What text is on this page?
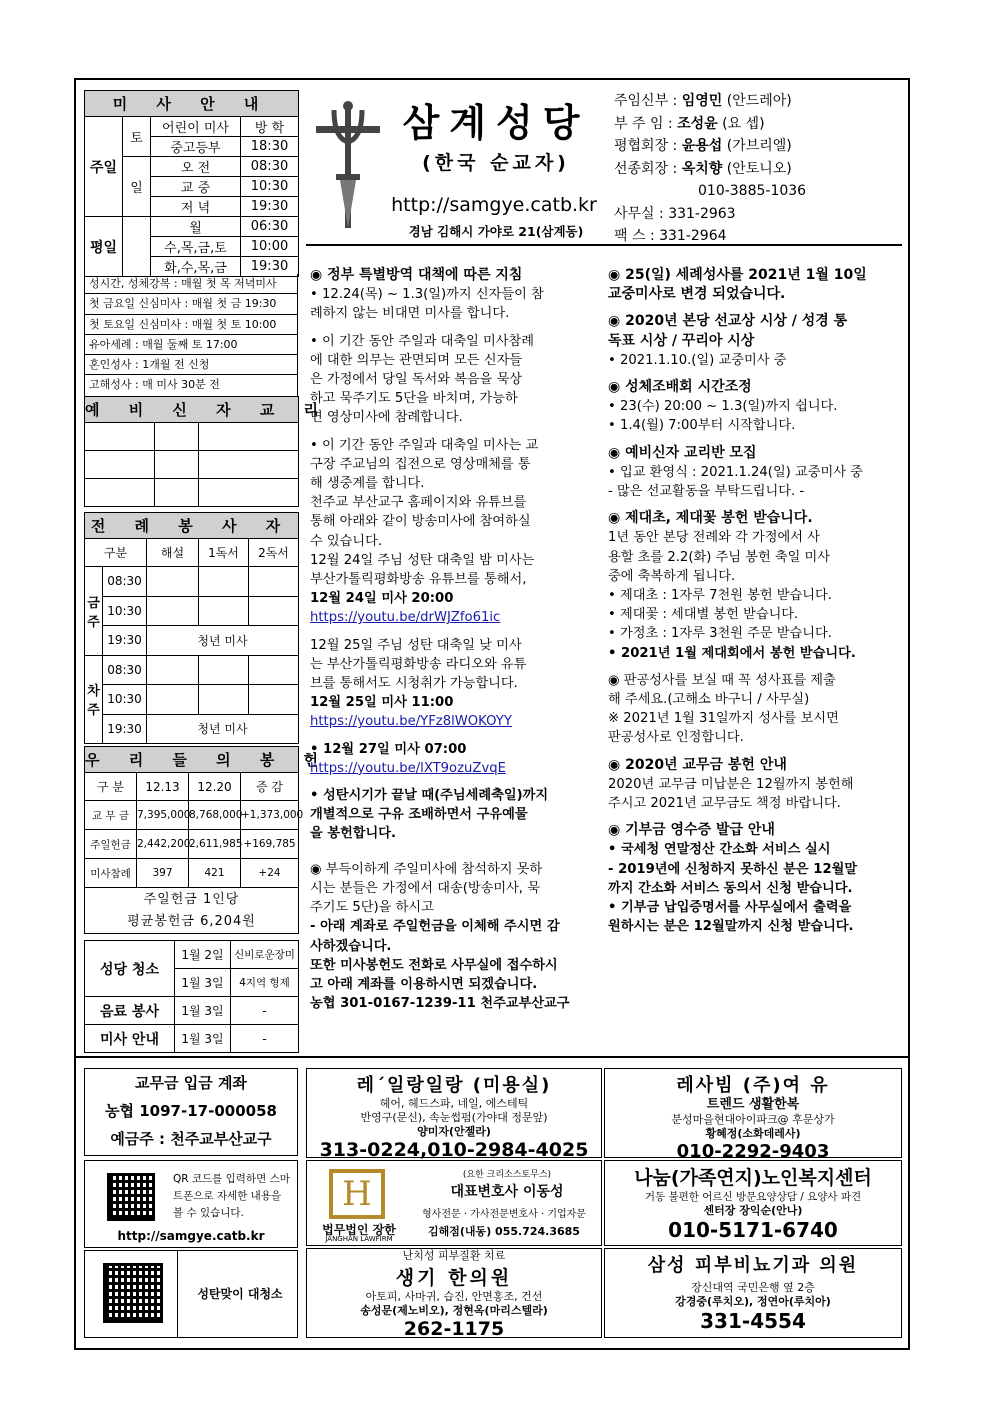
삼계성당
(한국 순교자)
http://samgye.catb.kr
경남 김해시 가야로 21(삼계동)
주임신부 : 임영민 (안드레아)
부 주 임 : 조성윤 (요 셉)
평협회장 : 윤용섭 (가브리엘)
선종회장 : 옥치향 (안토니오)
010-3885-1036
사무실 : 331-2963
팩 스 : 331-2964
미 사 안 내			
주일	토	어린이 미사	방 학
		중고등부	18:30
	일	오 전	08:30
		교 중	10:30
		저 녁	19:30
평일		월	06:30
		수,목,금,토	10:00
		화,수,목,금	19:30
성시간, 성체강복 : 매월 첫 목 저녁미사
첫 금요일 신심미사 : 매월 첫 금 19:30
첫 토요일 신심미사 : 매월 첫 토 10:00
유아세례 : 매월 둘째 토 17:00
혼인성사 : 1개월 전 신청
고해성사 : 매 미사 30분 전
예 비 신 자 교 리		

전 례 봉 사 자				
구분		해설	1독서	2독서
금주	08:30			
	10:30			
	19:30	청년 미사		
차주	08:30			
	10:30			
	19:30	청년 미사		
우 리 들 의 봉 헌			
구 분	12.13	12.20	증 감
교 무 금	7,395,000	8,768,000	+1,373,000
주일헌금	2,442,200	2,611,985	+169,785
미사참례	397	421	+24

주일헌금 1인당
평균봉헌금 6,204원			
성당 청소	1월 2일	신비로운장미
	1월 3일	4지역 형제
음료 봉사	1월 3일	-
미사 안내	1월 3일	-

◉ 정부 특별방역 대책에 따른 지침

• 12.24(목) ~ 1.3(일)까지 신자들이 참

례하지 않는 비대면 미사를 합니다.

• 이 기간 동안 주일과 대축일 미사참례

에 대한 의무는 관면되며 모든 신자들

은 가정에서 당일 독서와 복음을 묵상

하고 묵주기도 5단을 바치며, 가능하

면 영상미사에 참례합니다.

• 이 기간 동안 주일과 대축일 미사는 교

구장 주교님의 집전으로 영상매체를 통

해 생중계를 합니다.

천주교 부산교구 홈페이지와 유튜브를

통해 아래와 같이 방송미사에 참여하실

수 있습니다.

12월 24일 주님 성탄 대축일 밤 미사는

부산가톨릭평화방송 유튜브를 통해서,

12월 24일 미사 20:00

https://youtu.be/drWJZfo61ic

12월 25일 주님 성탄 대축일 낮 미사

는 부산가톨릭평화방송 라디오와 유튜

브를 통해서도 시청취가 가능합니다.

12월 25일 미사 11:00

https://youtu.be/YFz8lWOKOYY

• 12월 27일 미사 07:00

https://youtu.be/lXT9ozuZvqE

• 성탄시기가 끝날 때(주님세례축일)까지

개별적으로 구유 조배하면서 구유예물

을 봉헌합니다.

◉ 부득이하게 주일미사에 참석하지 못하

시는 분들은 가정에서 대송(방송미사, 묵

주기도 5단)을 하시고

- 아래 계좌로 주일헌금을 이체해 주시면 감

사하겠습니다.

또한 미사봉헌도 전화로 사무실에 접수하시

고 아래 계좌를 이용하시면 되겠습니다.

농협 301-0167-1239-11 천주교부산교구

◉ 25(일) 세례성사를 2021년 1월 10일

교중미사로 변경 되었습니다.

◉ 2020년 본당 선교상 시상 / 성경 통

독표 시상 / 꾸리아 시상

• 2021.1.10.(일) 교중미사 중

◉ 성체조배회 시간조정

• 23(수) 20:00 ~ 1.3(일)까지 쉽니다.

• 1.4(월) 7:00부터 시작합니다.

◉ 예비신자 교리반 모집

• 입교 환영식 : 2021.1.24(일) 교중미사 중

- 많은 선교활동을 부탁드립니다. -

◉ 제대초, 제대꽃 봉헌 받습니다.

1년 동안 본당 전례와 각 가정에서 사

용할 초를 2.2(화) 주님 봉헌 축일 미사

중에 축복하게 됩니다.

• 제대초 : 1자루 7천원 봉헌 받습니다.

• 제대꽃 : 세대별 봉헌 받습니다.

• 가정초 : 1자루 3천원 주문 받습니다.

• 2021년 1월 제대회에서 봉헌 받습니다.

◉ 판공성사를 보실 때 꼭 성사표를 제출

해 주세요.(고해소 바구니 / 사무실)

※ 2021년 1월 31일까지 성사를 보시면

판공성사로 인정합니다.

◉ 2020년 교무금 봉헌 안내

2020년 교무금 미납분은 12월까지 봉헌해

주시고 2021년 교무금도 책정 바랍니다.

◉ 기부금 영수증 발급 안내

• 국세청 연말정산 간소화 서비스 실시

- 2019년에 신청하지 못하신 분은 12월말

까지 간소화 서비스 동의서 신청 받습니다.

• 기부금 납입증명서를 사무실에서 출력을

원하시는 분은 12월말까지 신청 받습니다.

교무금 입금 계좌
농협 1097-17-000058
예금주 : 천주교부산교구
QR 코드를 입력하면 스마트폰으로 자세한 내용을 볼 수 있습니다.
http://samgye.catb.kr
성탄맞이 대청소
레´일랑일랑 (미용실)
헤어, 헤드스파, 네일, 에스테틱
반영구(문신), 속눈썹펌(가야대 정문앞)
양미자(안젤라)
313-0224,010-2984-4025
레사빔 (주)여 유
트렌드 생활한복
분성마을현대아이파크@ 후문상가
황혜정(소화데레사)
010-2292-9403
H
법무법인 장한
JANGHAN LAWFIRM
(요한 크리소스토무스)
대표변호사 이동성
형사전문 · 가사전문변호사 · 기업자문
김해점(내동) 055.724.3685
나눔(가족연지)노인복지센터
거동 불편한 어르신 방문요양상담 / 요양사 파견
센터장 장익순(안나)
010-5171-6740
난치성 피부질환 치료
생기 한의원
아토피, 사마귀, 습진, 안면홍조, 건선
송성문(제노비오), 정현옥(마리스텔라)
262-1175
삼성 피부비뇨기과 의원
장신대역 국민은행 옆 2층
강경중(루치오), 정연아(루치아)
331-4554
